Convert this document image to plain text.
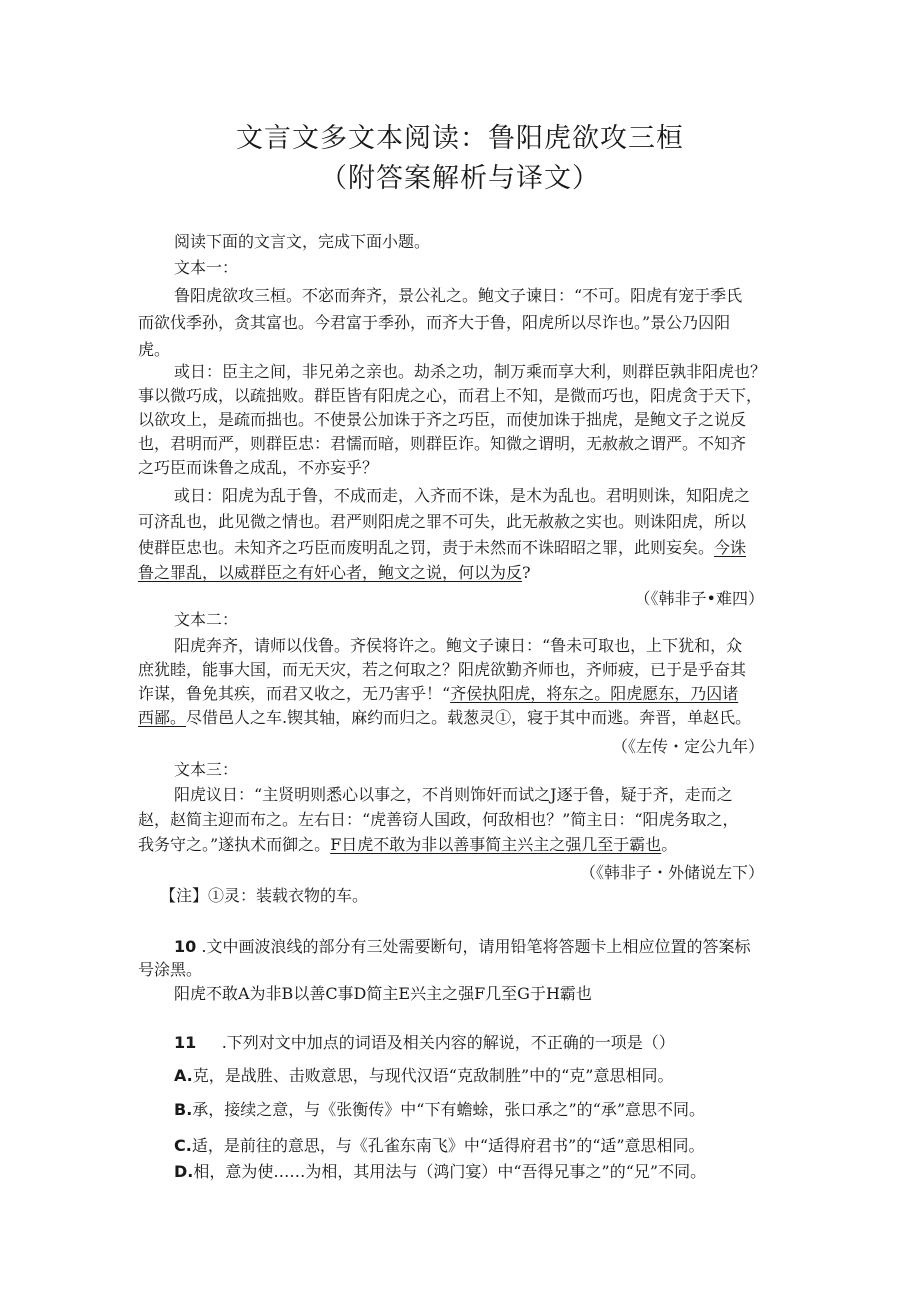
文言文多文本阅读：鲁阳虎欲攻三桓
（附答案解析与译文）
阅读下面的文言文，完成下面小题。
文本一：
鲁阳虎欲攻三桓。不宓而奔齐，景公礼之。鲍文子谏日：“不可。阳虎有宠于季氏
而欲伐季孙，贪其富也。今君富于季孙，而齐大于鲁，阳虎所以尽诈也。”景公乃囚阳
虎。
或日：臣主之间，非兄弟之亲也。劫杀之功，制万乘而享大利，则群臣孰非阳虎也？
事以微巧成，以疏拙败。群臣皆有阳虎之心，而君上不知，是微而巧也，阳虎贪于天下，
以欲攻上，是疏而拙也。不使景公加诛于齐之巧臣，而使加诛于拙虎，是鲍文子之说反
也，君明而严，则群臣忠：君懦而暗，则群臣诈。知微之谓明，无赦赦之谓严。不知齐
之巧臣而诛鲁之成乱，不亦妄乎？
或日：阳虎为乱于鲁，不成而走，入齐而不诛，是木为乱也。君明则诛，知阳虎之
可济乱也，此见微之情也。君严则阳虎之罪不可失，此无赦赦之实也。则诛阳虎，所以
使群臣忠也。未知齐之巧臣而废明乱之罚，责于未然而不诛昭昭之罪，此则妄矣。今诛
鲁之罪乱，以威群臣之有奸心者，鲍文之说，何以为反?
（《韩非子•难四）
文本二：
阳虎奔齐，请师以伐鲁。齐侯将许之。鲍文子谏日：“鲁未可取也，上下犹和，众
庶犹睦，能事大国，而无天灾，若之何取之？阳虎欲勤齐师也，齐师疲，已于是乎奋其
诈谋，鲁免其疾，而君又收之，无乃害乎！“齐侯执阳虎，将东之。阳虎愿东，乃囚诸
西鄙。尽借邑人之车.锲其轴，麻约而归之。载葱灵①，寝于其中而逃。奔晋，单赵氏。
（《左传・定公九年）
文本三：
阳虎议日：“主贤明则悉心以事之，不肖则饰奸而试之J逐于鲁，疑于齐，走而之
赵，赵简主迎而布之。左右日：“虎善窃人国政，何敌相也？”简主日：“阳虎务取之，
我务守之。”遂执术而御之。F日虎不敢为非以善事简主兴主之强几至于霸也。
（《韩非子・外储说左下）
【注】①灵：装载衣物的车。
10 .文中画波浪线的部分有三处需要断句，请用铅笔将答题卡上相应位置的答案标
号涂黑。
阳虎不敢A为非B以善C事D简主E兴主之强F几至G于H霸也
11 .下列对文中加点的词语及相关内容的解说，不正确的一项是（）
A.克，是战胜、击败意思，与现代汉语“克敌制胜”中的“克”意思相同。
B.承，接续之意，与《张衡传》中“下有蟾蜍，张口承之”的“承”意思不同。
C.适，是前往的意思，与《孔雀东南飞》中“适得府君书”的“适”意思相同。
D.相，意为使……为相，其用法与（鸿门宴）中“吾得兄事之”的“兄”不同。
